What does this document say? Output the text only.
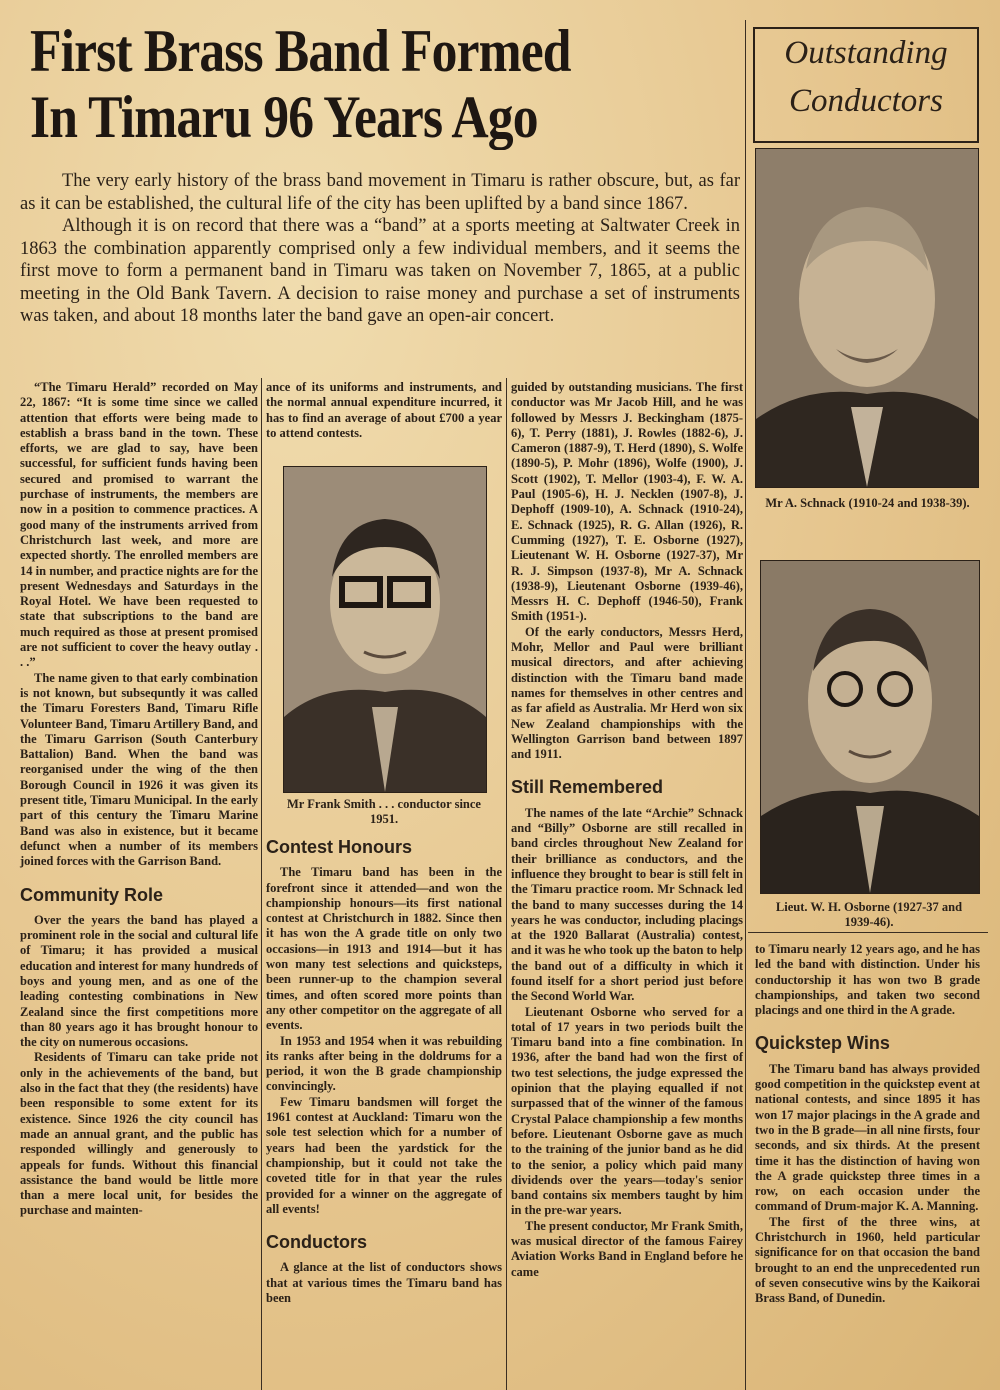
First Brass Band Formed
In Timaru 96 Years Ago
Outstanding
Conductors

The very early history of the brass band movement in Timaru is rather obscure, but, as far as it can be established, the cultural life of the city has been uplifted by a band since 1867.

Although it is on record that there was a “band” at a sports meeting at Saltwater Creek in 1863 the combination apparently comprised only a few individual members, and it seems the first move to form a permanent band in Timaru was taken on November 7, 1865, at a public meeting in the Old Bank Tavern. A decision to raise money and purchase a set of instruments was taken, and about 18 months later the band gave an open-air concert.

“The Timaru Herald” recorded on May 22, 1867: “It is some time since we called attention that efforts were being made to establish a brass band in the town. These efforts, we are glad to say, have been successful, for sufficient funds having been secured and promised to warrant the purchase of instruments, the members are now in a position to commence practices. A good many of the instruments arrived from Christchurch last week, and more are expected shortly. The enrolled members are 14 in number, and practice nights are for the present Wednesdays and Saturdays in the Royal Hotel. We have been requested to state that subscriptions to the band are much required as those at present promised are not sufficient to cover the heavy outlay . . .”

The name given to that early combination is not known, but subsequntly it was called the Timaru Foresters Band, Timaru Rifle Volunteer Band, Timaru Artillery Band, and the Timaru Garrison (South Canterbury Battalion) Band. When the band was reorganised under the wing of the then Borough Council in 1926 it was given its present title, Timaru Municipal. In the early part of this century the Timaru Marine Band was also in existence, but it became defunct when a number of its members joined forces with the Garrison Band.

Community Role

Over the years the band has played a prominent role in the social and cultural life of Timaru; it has provided a musical education and interest for many hundreds of boys and young men, and as one of the leading contesting combinations in New Zealand since the first competitions more than 80 years ago it has brought honour to the city on numerous occasions.

Residents of Timaru can take pride not only in the achievements of the band, but also in the fact that they (the residents) have been responsible to some extent for its existence. Since 1926 the city council has made an annual grant, and the public has responded willingly and generously to appeals for funds. Without this financial assistance the band would be little more than a mere local unit, for besides the purchase and mainten-

ance of its uniforms and instruments, and the normal annual expenditure incurred, it has to find an average of about £700 a year to attend contests.

Mr Frank Smith . . . conductor since 1951.
Contest Honours

The Timaru band has been in the forefront since it attended—and won the championship honours—its first national contest at Christchurch in 1882. Since then it has won the A grade title on only two occasions—in 1913 and 1914—but it has won many test selections and quicksteps, been runner-up to the champion several times, and often scored more points than any other competitor on the aggregate of all events.

In 1953 and 1954 when it was rebuilding its ranks after being in the doldrums for a period, it won the B grade championship convincingly.

Few Timaru bandsmen will forget the 1961 contest at Auckland: Timaru won the sole test selection which for a number of years had been the yardstick for the championship, but it could not take the coveted title for in that year the rules provided for a winner on the aggregate of all events!

Conductors

A glance at the list of conductors shows that at various times the Timaru band has been

guided by outstanding musicians. The first conductor was Mr Jacob Hill, and he was followed by Messrs J. Beckingham (1875-6), T. Perry (1881), J. Rowles (1882-6), J. Cameron (1887-9), T. Herd (1890), S. Wolfe (1890-5), P. Mohr (1896), Wolfe (1900), J. Scott (1902), T. Mellor (1903-4), F. W. A. Paul (1905-6), H. J. Necklen (1907-8), J. Dephoff (1909-10), A. Schnack (1910-24), E. Schnack (1925), R. G. Allan (1926), R. Cumming (1927), T. E. Osborne (1927), Lieutenant W. H. Osborne (1927-37), Mr R. J. Simpson (1937-8), Mr A. Schnack (1938-9), Lieutenant Osborne (1939-46), Messrs H. C. Dephoff (1946-50), Frank Smith (1951-).

Of the early conductors, Messrs Herd, Mohr, Mellor and Paul were brilliant musical directors, and after achieving distinction with the Timaru band made names for themselves in other centres and as far afield as Australia. Mr Herd won six New Zealand championships with the Wellington Garrison band between 1897 and 1911.

Still Remembered

The names of the late “Archie” Schnack and “Billy” Osborne are still recalled in band circles throughout New Zealand for their brilliance as conductors, and the influence they brought to bear is still felt in the Timaru practice room. Mr Schnack led the band to many successes during the 14 years he was conductor, including placings at the 1920 Ballarat (Australia) contest, and it was he who took up the baton to help the band out of a difficulty in which it found itself for a short period just before the Second World War.

Lieutenant Osborne who served for a total of 17 years in two periods built the Timaru band into a fine combination. In 1936, after the band had won the first of two test selections, the judge expressed the opinion that the playing equalled if not surpassed that of the winner of the famous Crystal Palace championship a few months before. Lieutenant Osborne gave as much to the training of the junior band as he did to the senior, a policy which paid many dividends over the years—today's senior band contains six members taught by him in the pre-war years.

The present conductor, Mr Frank Smith, was musical director of the famous Fairey Aviation Works Band in England before he came

Mr A. Schnack (1910-24 and 1938-39).
Lieut. W. H. Osborne (1927-37 and 1939-46).

to Timaru nearly 12 years ago, and he has led the band with distinction. Under his conductorship it has won two B grade championships, and taken two second placings and one third in the A grade.

Quickstep Wins

The Timaru band has always provided good competition in the quickstep event at national contests, and since 1895 it has won 17 major placings in the A grade and two in the B grade—in all nine firsts, four seconds, and six thirds. At the present time it has the distinction of having won the A grade quickstep three times in a row, on each occasion under the command of Drum-major K. A. Manning.

The first of the three wins, at Christchurch in 1960, held particular significance for on that occasion the band brought to an end the unprecedented run of seven consecutive wins by the Kaikorai Brass Band, of Dunedin.
